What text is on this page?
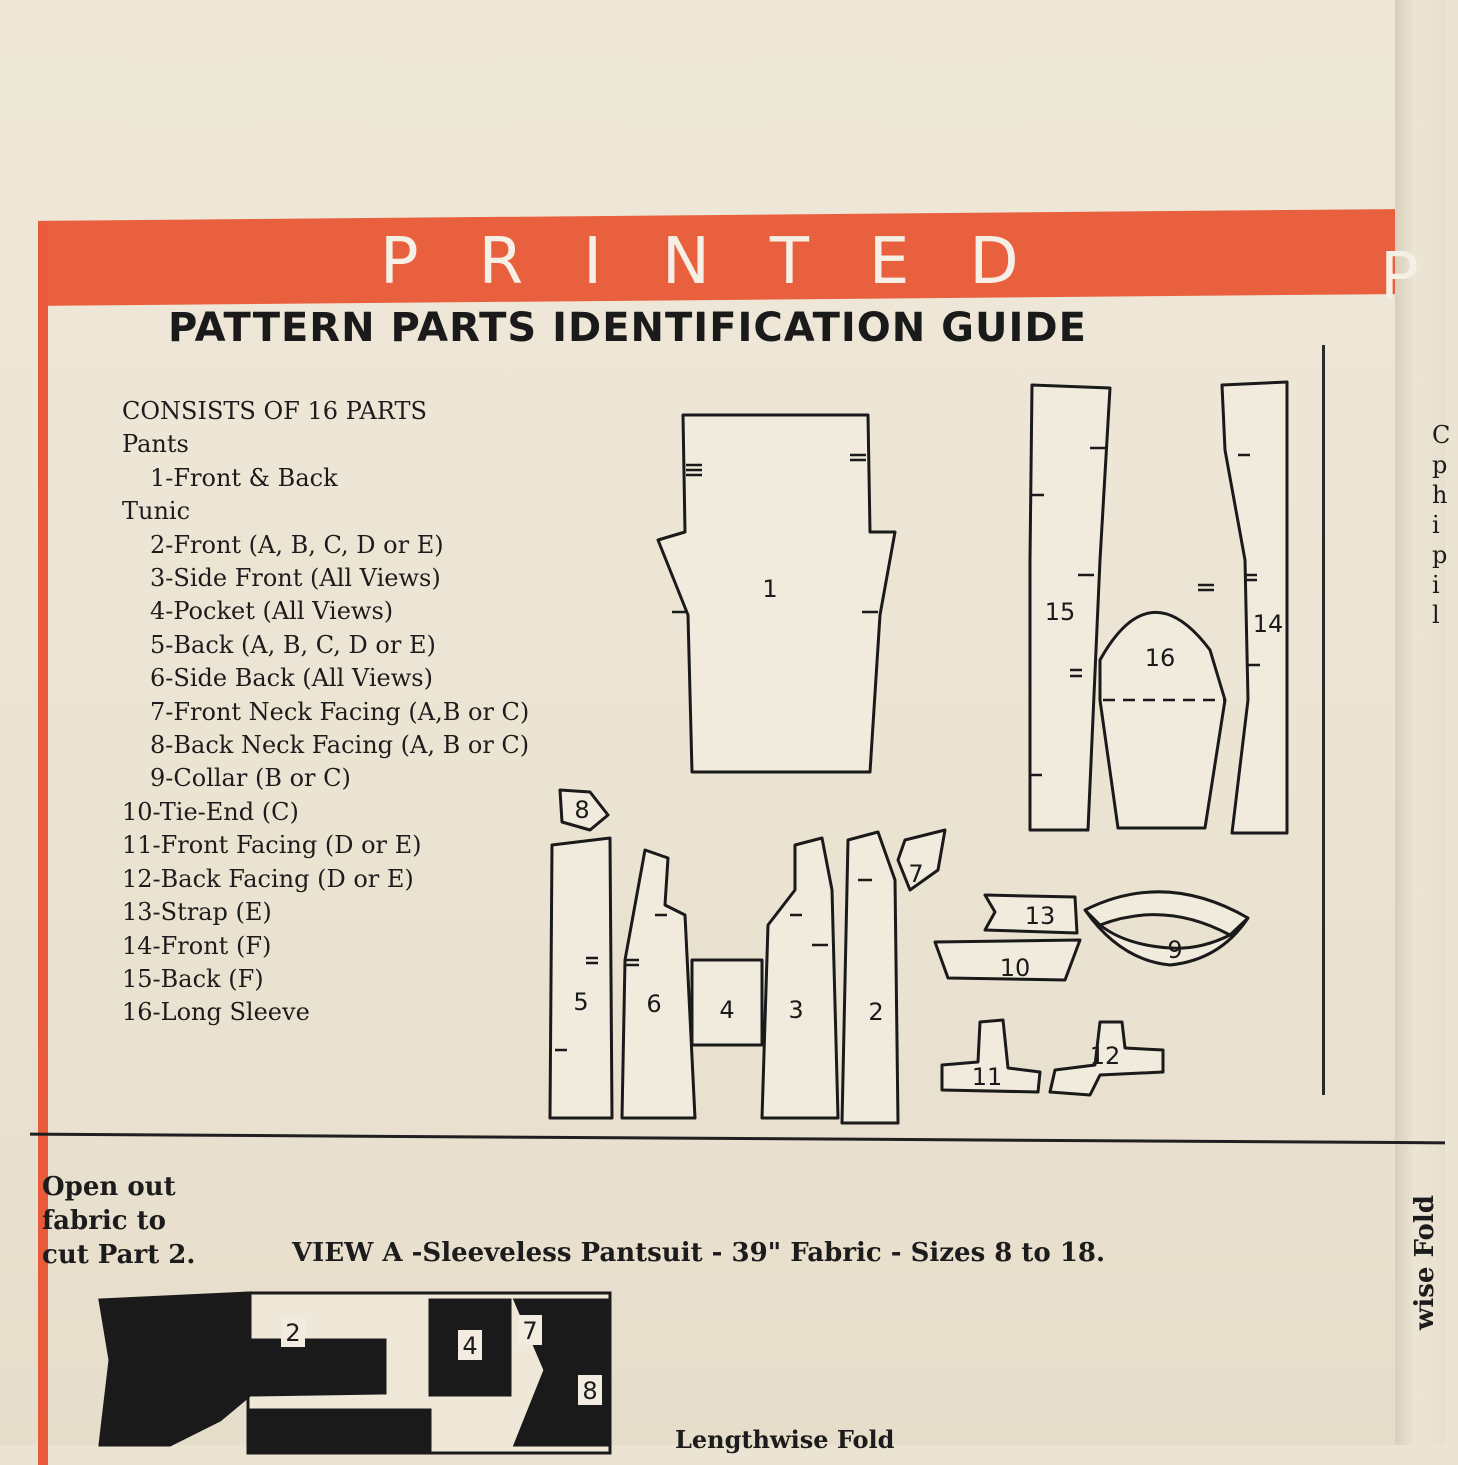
PRINTED	P
PATTERN PARTS IDENTIFICATION GUIDE
CONSISTS OF 16 PARTS
Pants
1-Front & Back
Tunic
2-Front (A, B, C, D or E)
3-Side Front (All Views)
4-Pocket (All Views)
5-Back (A, B, C, D or E)
6-Side Back (All Views)
7-Front Neck Facing (A,B or C)
8-Back Neck Facing (A, B or C)
9-Collar (B or C)
10-Tie-End (C)
11-Front Facing (D or E)
12-Back Facing (D or E)
13-Strap (E)
14-Front (F)
15-Back (F)
16-Long Sleeve
C
p
h
i
p
i
l
1
15	14
16
5 6 4 3	2
8
7
13
10
9
11
12
Open out
fabric to
cut Part 2.	VIEW A -Sleeveless Pantsuit - 39" Fabric - Sizes 8 to 18.
2	4
7
8
Lengthwise Fold
wise Fold
